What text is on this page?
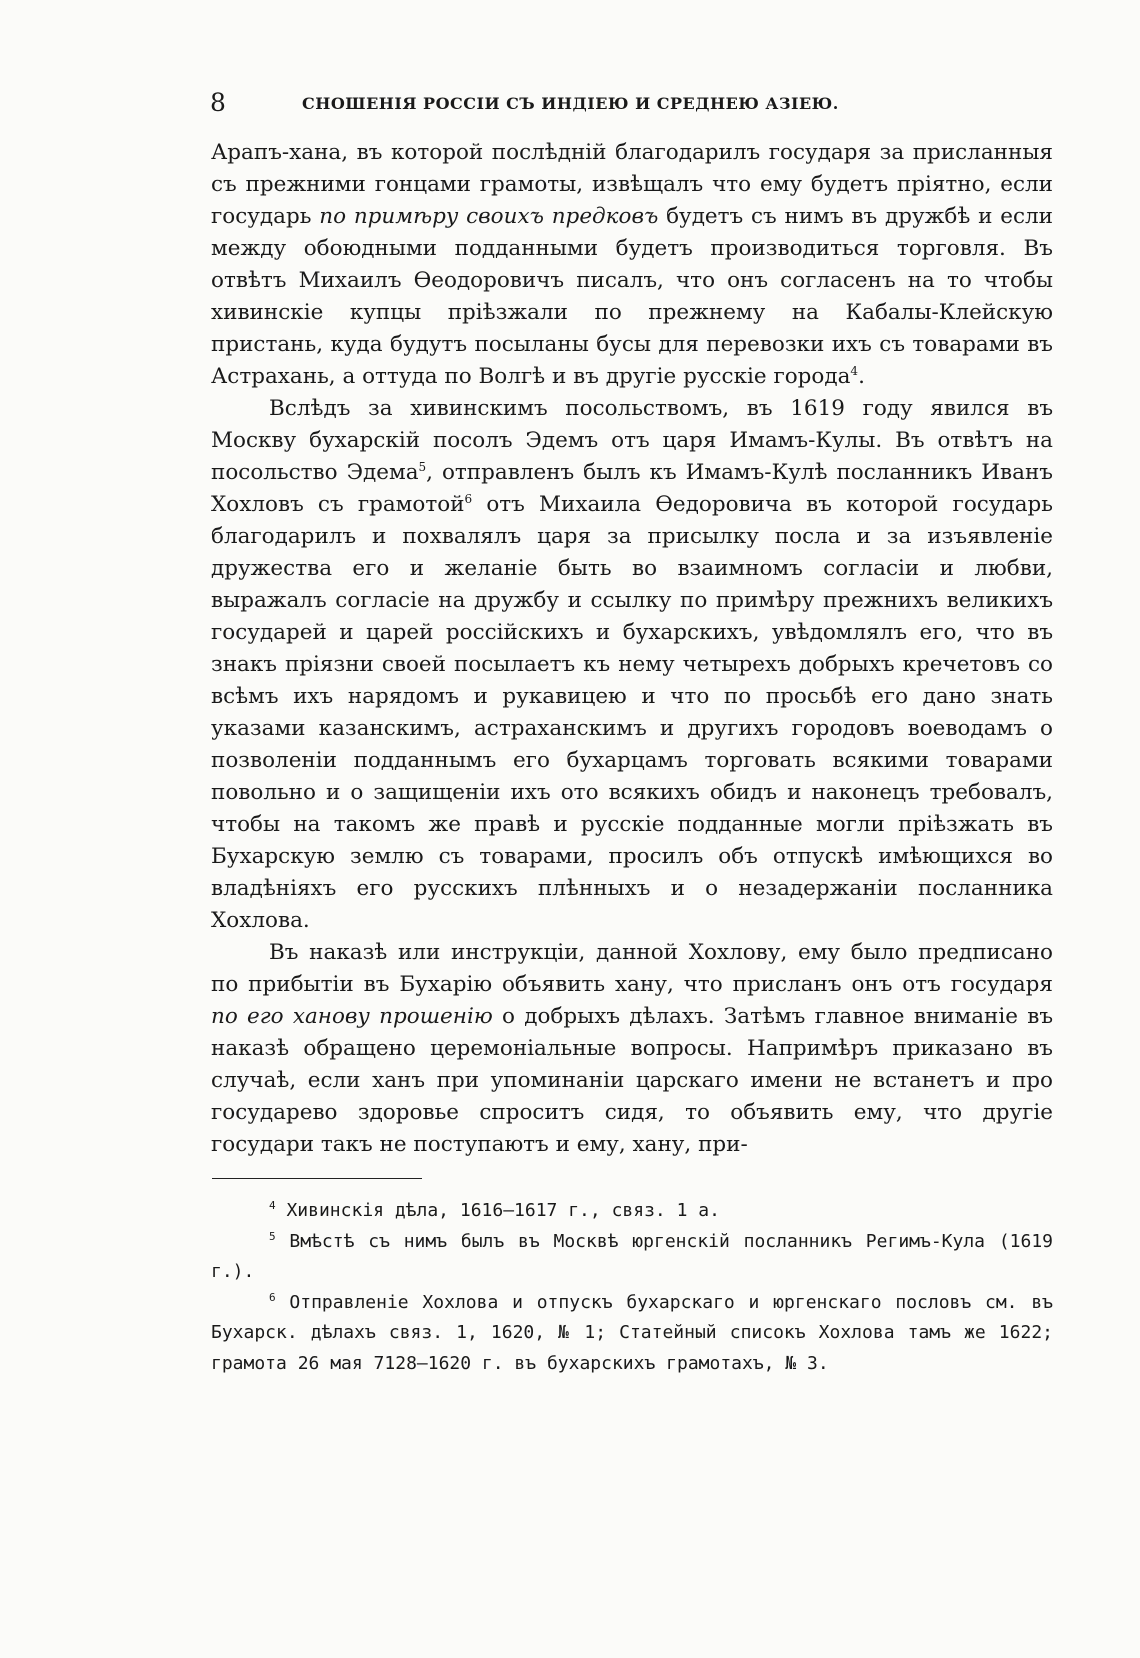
8	СНОШЕНІЯ РОССІИ СЪ ИНДІЕЮ И СРЕДНЕЮ АЗІЕЮ.

Арапъ-хана, въ которой послѣдній благодарилъ государя за присланныя съ прежними гонцами грамоты, извѣщалъ что ему будетъ пріятно, если государь по примѣру своихъ предковъ будетъ съ нимъ въ дружбѣ и если между обоюдными подданными будетъ производиться торговля. Въ отвѣтъ Михаилъ Ѳеодоровичъ писалъ, что онъ согласенъ на то чтобы хивинскіе купцы пріѣзжали по прежнему на Кабалы-Клейскую пристань, куда будутъ посыланы бусы для перевозки ихъ съ товарами въ Астрахань, а оттуда по Волгѣ и въ другіе русскіе города$^4$.

Вслѣдъ за хивинскимъ посольствомъ, въ 1619 году явился въ Москву бухарскій посолъ Эдемъ отъ царя Имамъ-Кулы. Въ отвѣтъ на посольство Эдема$^5$, отправленъ былъ къ Имамъ-Кулѣ посланникъ Иванъ Хохловъ съ грамотой$^6$ отъ Михаила Ѳедоровича въ которой государь благодарилъ и похвалялъ царя за присылку посла и за изъявленіе дружества его и желаніе быть во взаимномъ согласіи и любви, выражалъ согласіе на дружбу и ссылку по примѣру прежнихъ великихъ государей и царей россійскихъ и бухарскихъ, увѣдомлялъ его, что въ знакъ пріязни своей посылаетъ къ нему четырехъ добрыхъ кречетовъ со всѣмъ ихъ нарядомъ и рукавицею и что по просьбѣ его дано знать указами казанскимъ, астраханскимъ и другихъ городовъ воеводамъ о позволеніи подданнымъ его бухарцамъ торговать всякими товарами повольно и о защищеніи ихъ ото всякихъ обидъ и наконецъ требовалъ, чтобы на такомъ же правѣ и русскіе подданные могли пріѣзжать въ Бухарскую землю съ товарами, просилъ объ отпускѣ имѣющихся во владѣніяхъ его русскихъ плѣнныхъ и о незадержаніи посланника Хохлова.

Въ наказѣ или инструкціи, данной Хохлову, ему было предписано по прибытіи въ Бухарію объявить хану, что присланъ онъ отъ государя по его ханову прошенію о добрыхъ дѣлахъ. Затѣмъ главное вниманіе въ наказѣ обращено церемоніальные вопросы. Напримѣръ приказано въ случаѣ, если ханъ при упоминаніи царскаго имени не встанетъ и про государево здоровье спроситъ сидя, то объявить ему, что другіе государи такъ не поступаютъ и ему, хану, при-

$^4$ Хивинскія дѣла, 1616—1617 г., связ. 1 а.

$^5$ Вмѣстѣ съ нимъ былъ въ Москвѣ юргенскій посланникъ Регимъ-Кула (1619 г.).

$^6$ Отправленіе Хохлова и отпускъ бухарскаго и юргенскаго пословъ см. въ Бухарск. дѣлахъ связ. 1, 1620, № 1; Статейный списокъ Хохлова тамъ же 1622; грамота 26 мая 7128—1620 г. въ бухарскихъ грамотахъ, № 3.
